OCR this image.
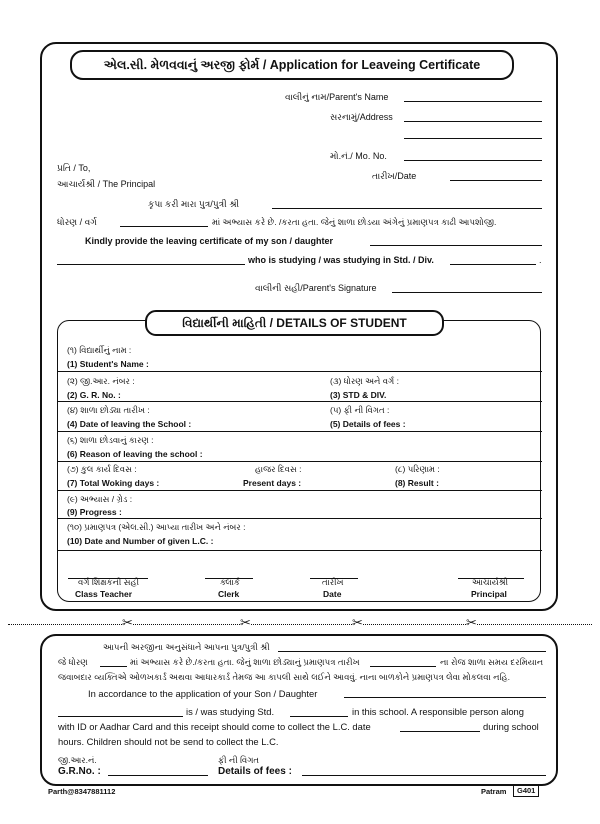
એલ.સી. મેળવવાનું અરજી ફોર્મ / Application for Leaveing Certificate
વાલીનું નામ/Parent's Name
સરનામું/Address
મો.નં./ Mo. No.
પ્રતિ / To,
તારીખ/Date
આચાર્યશ્રી / The Principal
કૃપા કરી મારા પુત્ર/પુત્રી શ્રી
ધોરણ / વર્ગ	માં અભ્યાસ કરે છે. /કરતા હતા. જેનું શાળા છોડયા અંગેનું પ્રમાણપત્ર કાઢી આપશોજી.
Kindly provide the leaving certificate of my son / daughter
who is studying / was studying in Std. / Div.	.
વાલીની સહી/Parent's Signature
વિદ્યાર્થીની માહિતી / DETAILS OF STUDENT
(૧) વિદ્યાર્થીનું નામ :
(1) Student's Name :
(૨) જી.આર. નંબર :
(2) G. R. No. :
(૩) ધોરણ અને વર્ગ :
(3) STD & DIV.
(૪) શાળા છોડ્યા તારીખ :
(4) Date of leaving the School :
(૫) ફી ની વિગત :
(5) Details of fees :
(૬) શાળા છોડવાનું કારણ :
(6) Reason of leaving the school :
(૭) કુલ કાર્ય દિવસ :
(7) Total Woking days :
હાજર દિવસ :
Present days :
(૮) પરિણામ :
(8) Result :
(૯) અભ્યાસ / ગ્રેડ :
(9) Progress :
(૧૦) પ્રમાણપત્ર (એલ.સી.) આપ્યા તારીખ અને નંબર :
(10) Date and Number of given L.C. :
વર્ગ શિક્ષકની સહી
Class Teacher
ક્લાર્ક
Clerk
તારીખ
Date
આચાર્યશ્રી
Principal
✂	✂	✂	✂
આપની અરજીના અનુસંધાને આપના પુત્ર/પુત્રી શ્રી
જે ધોરણ	માં અભ્યાસ કરે છે./કરતા હતા. જેનું શાળા છોડ્યાનું પ્રમાણપત્ર તારીખ	ના રોજ શાળા સમય દરમિયાન
જવાબદાર વ્યક્તિએ ઓળખકાર્ડ અથવા આધારકાર્ડ તેમજ આ કાપલી સાથે લઈને આવવું. નાના બાળકોને પ્રમાણપત્ર લેવા મોકલવા નહિ.
In accordance to the application of your Son / Daughter
is / was studying Std.	in this school. A responsible person along
with ID or Aadhar Card and this receipt should come to collect the L.C. date	during school
hours. Children should not be send to collect the L.C.
જી.આર.નં.
G.R.No. :
ફી ની વિગત
Details of fees :
Parth@8347881112	Patram	G401
